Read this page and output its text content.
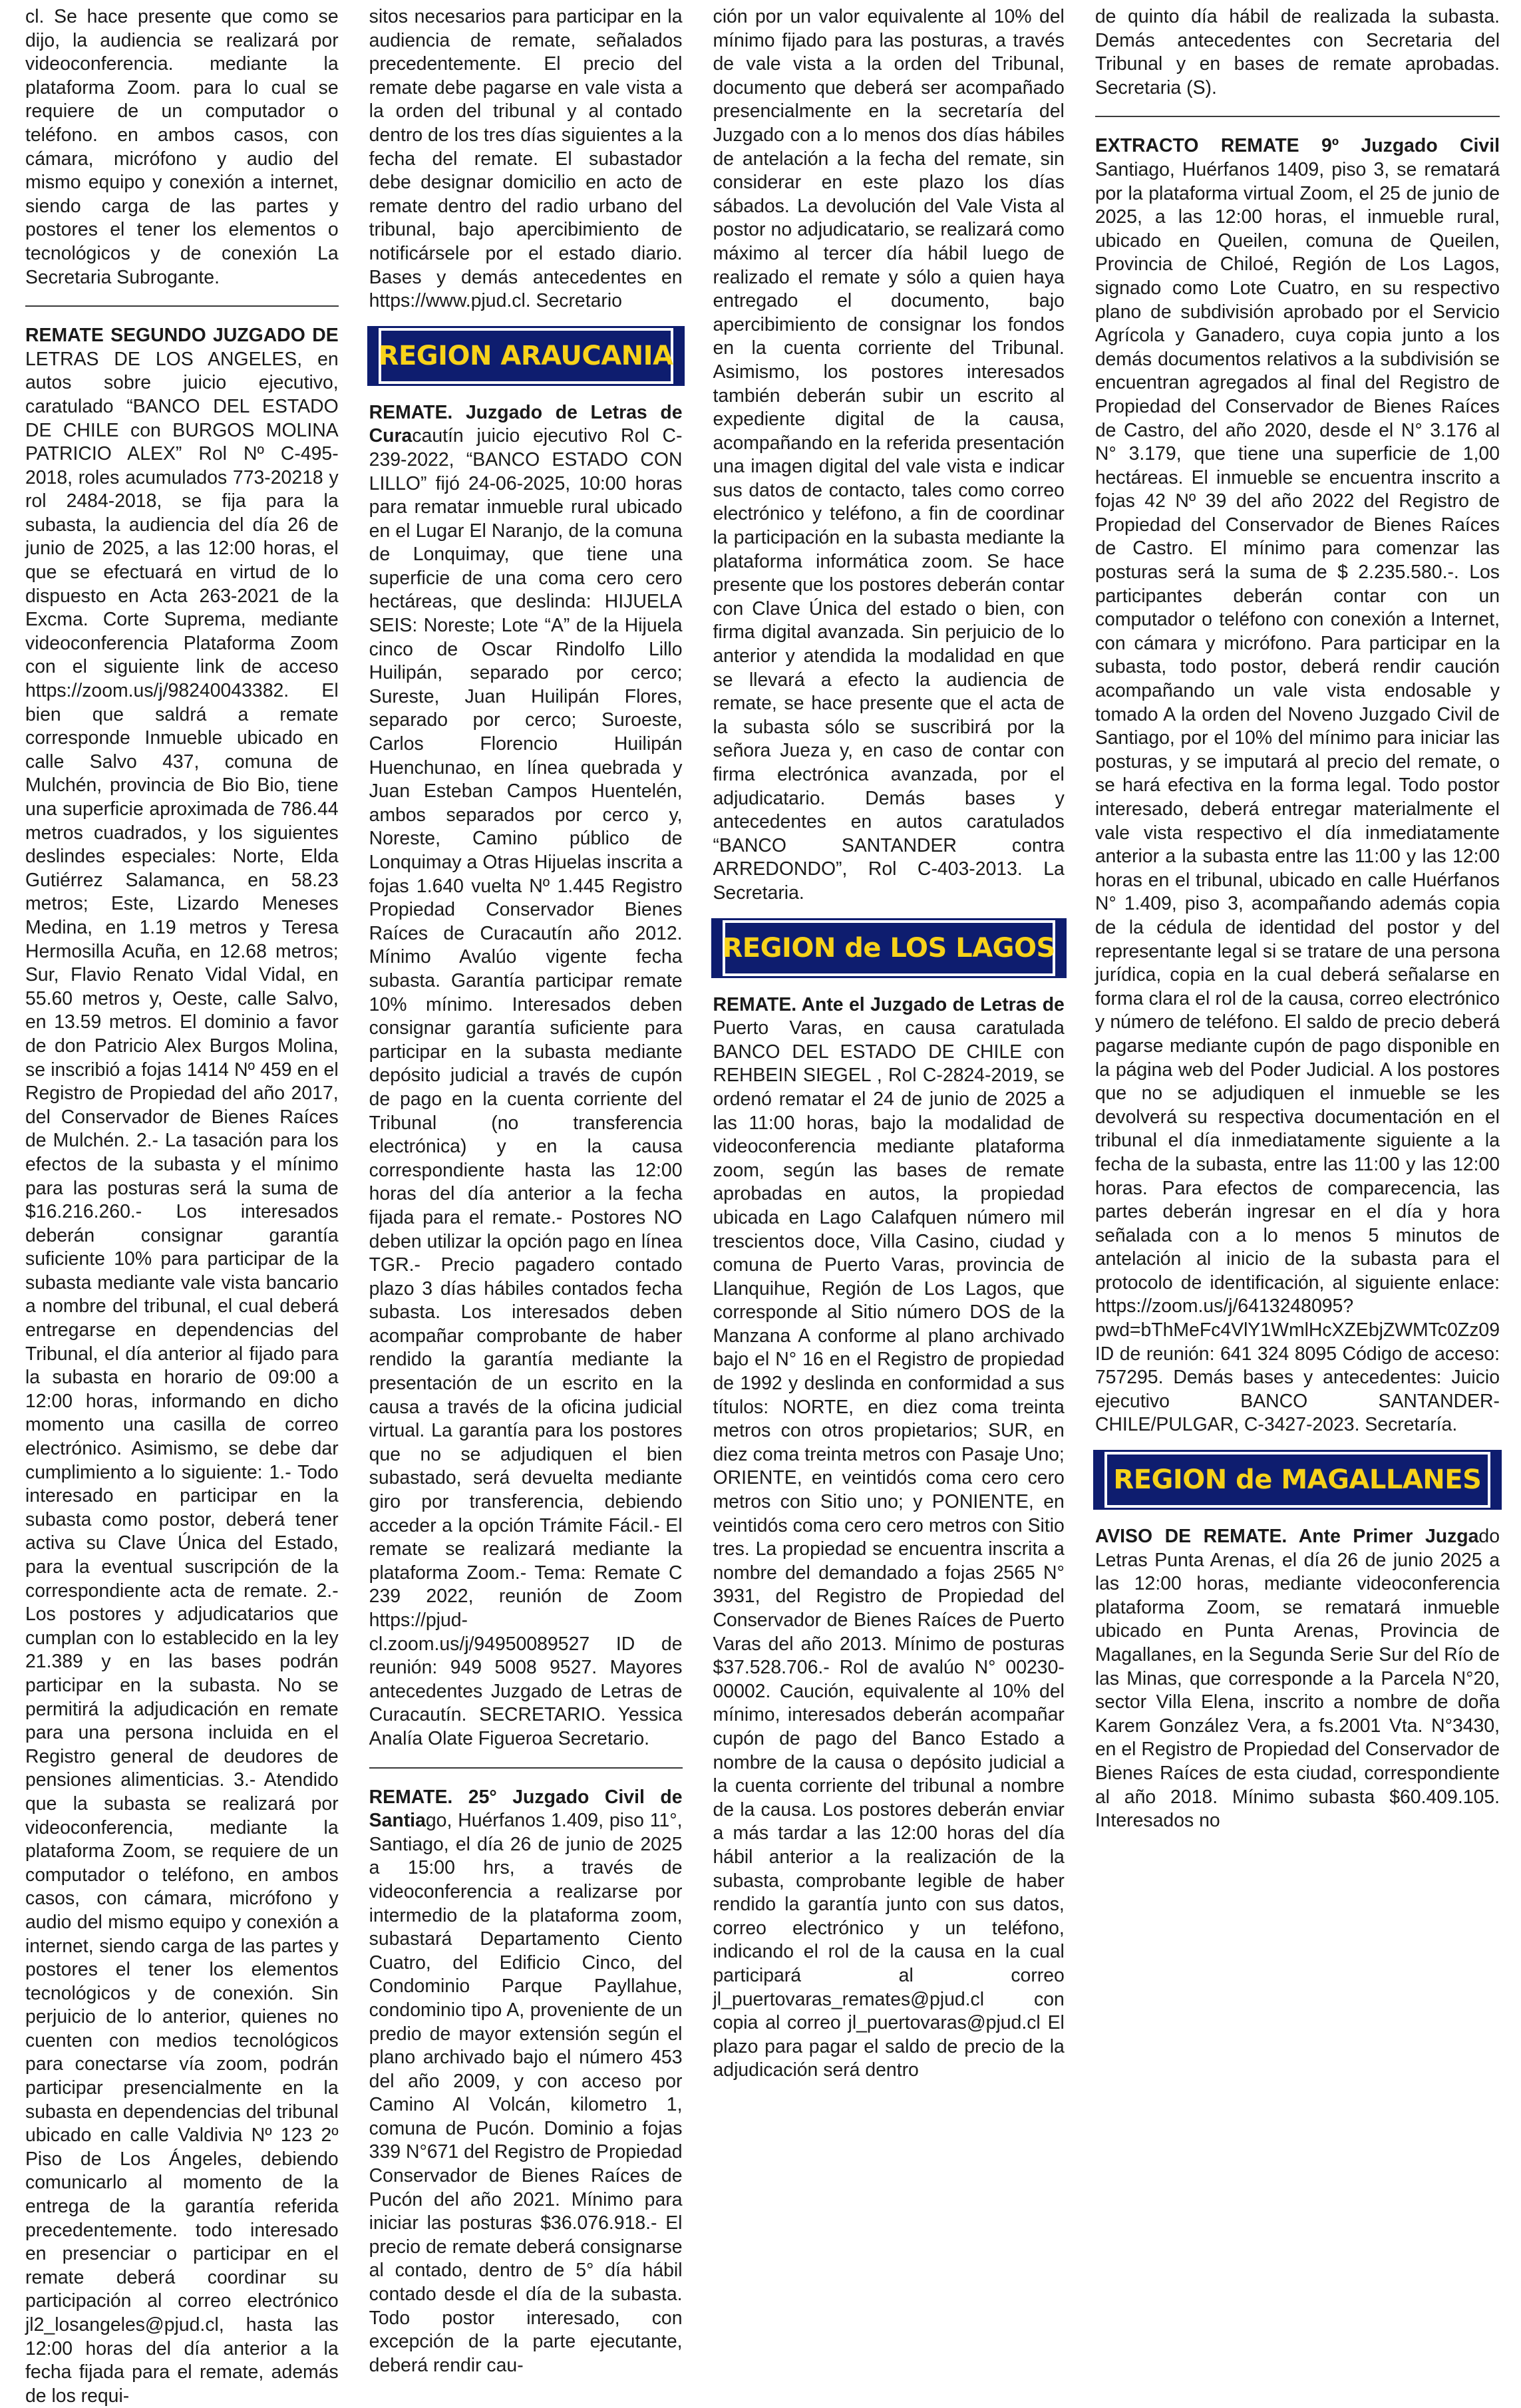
cl. Se hace presente que como se dijo, la audiencia se realizará por videoconferencia. mediante la plataforma Zoom. para lo cual se requiere de un computador o teléfono. en ambos casos, con cámara, micrófono y audio del mismo equipo y conexión a internet, siendo carga de las partes y postores el tener los elementos o tecnológicos y de conexión La Secretaria Subrogante.

REMATE SEGUNDO JUZGADO DE LETRAS DE LOS ANGELES, en autos sobre juicio ejecutivo, caratulado “BANCO DEL ESTADO DE CHILE con BURGOS MOLINA PATRICIO ALEX” Rol Nº C-495-2018, roles acumulados 773-20218 y rol 2484-2018, se fija para la subasta, la audiencia del día 26 de junio de 2025, a las 12:00 horas, el que se efectuará en virtud de lo dispuesto en Acta 263-2021 de la Excma. Corte Suprema, mediante videoconferencia Plataforma Zoom con el siguiente link de acceso https://zoom.us/j/98240043382. El bien que saldrá a remate corresponde Inmueble ubicado en calle Salvo 437, comuna de Mulchén, provincia de Bio Bio, tiene una superficie aproximada de 786.44 metros cuadrados, y los siguientes deslindes especiales: Norte, Elda Gutiérrez Salamanca, en 58.23 metros; Este, Lizardo Meneses Medina, en 1.19 metros y Teresa Hermosilla Acuña, en 12.68 metros; Sur, Flavio Renato Vidal Vidal, en 55.60 metros y, Oeste, calle Salvo, en 13.59 metros. El dominio a favor de don Patricio Alex Burgos Molina, se inscribió a fojas 1414 Nº 459 en el Registro de Propiedad del año 2017, del Conservador de Bienes Raíces de Mulchén. 2.- La tasación para los efectos de la subasta y el mínimo para las posturas será la suma de $16.216.260.- Los interesados deberán consignar garantía suficiente 10% para participar de la subasta mediante vale vista bancario a nombre del tribunal, el cual deberá entregarse en dependencias del Tribunal, el día anterior al fijado para la subasta en horario de 09:00 a 12:00 horas, informando en dicho momento una casilla de correo electrónico. Asimismo, se debe dar cumplimiento a lo siguiente: 1.- Todo interesado en participar en la subasta como postor, deberá tener activa su Clave Única del Estado, para la eventual suscripción de la correspondiente acta de remate. 2.- Los postores y adjudicatarios que cumplan con lo establecido en la ley 21.389 y en las bases podrán participar en la subasta. No se permitirá la adjudicación en remate para una persona incluida en el Registro general de deudores de pensiones alimenticias. 3.- Atendido que la subasta se realizará por videoconferencia, mediante la plataforma Zoom, se requiere de un computador o teléfono, en ambos casos, con cámara, micrófono y audio del mismo equipo y conexión a internet, siendo carga de las partes y postores el tener los elementos tecnológicos y de conexión. Sin perjuicio de lo anterior, quienes no cuenten con medios tecnológicos para conectarse vía zoom, podrán participar presencialmente en la subasta en dependencias del tribunal ubicado en calle Valdivia Nº 123 2º Piso de Los Ángeles, debiendo comunicarlo al momento de la entrega de la garantía referida precedentemente. todo interesado en presenciar o participar en el remate deberá coordinar su participación al correo electrónico jl2_losangeles@pjud.cl, hasta las 12:00 horas del día anterior a la fecha fijada para el remate, además de los requi-

sitos necesarios para participar en la audiencia de remate, señalados precedentemente. El precio del remate debe pagarse en vale vista a la orden del tribunal y al contado dentro de los tres días siguientes a la fecha del remate. El subastador debe designar domicilio en acto de remate dentro del radio urbano del tribunal, bajo apercibimiento de notificársele por el estado diario. Bases y demás antecedentes en https://www.pjud.cl. Secretario

REGION ARAUCANIA

REMATE. Juzgado de Letras de Curacautín juicio ejecutivo Rol C-239-2022, “BANCO ESTADO CON LILLO” fijó 24-06-2025, 10:00 horas para rematar inmueble rural ubicado en el Lugar El Naranjo, de la comuna de Lonquimay, que tiene una superficie de una coma cero cero hectáreas, que deslinda: HIJUELA SEIS: Noreste; Lote “A” de la Hijuela cinco de Oscar Rindolfo Lillo Huilipán, separado por cerco; Sureste, Juan Huilipán Flores, separado por cerco; Suroeste, Carlos Florencio Huilipán Huenchunao, en línea quebrada y Juan Esteban Campos Huentelén, ambos separados por cerco y, Noreste, Camino público de Lonquimay a Otras Hijuelas inscrita a fojas 1.640 vuelta Nº 1.445 Registro Propiedad Conservador Bienes Raíces de Curacautín año 2012. Mínimo Avalúo vigente fecha subasta. Garantía participar remate 10% mínimo. Interesados deben consignar garantía suficiente para participar en la subasta mediante depósito judicial a través de cupón de pago en la cuenta corriente del Tribunal (no transferencia electrónica) y en la causa correspondiente hasta las 12:00 horas del día anterior a la fecha fijada para el remate.- Postores NO deben utilizar la opción pago en línea TGR.- Precio pagadero contado plazo 3 días hábiles contados fecha subasta. Los interesados deben acompañar comprobante de haber rendido la garantía mediante la presentación de un escrito en la causa a través de la oficina judicial virtual. La garantía para los postores que no se adjudiquen el bien subastado, será devuelta mediante giro por transferencia, debiendo acceder a la opción Trámite Fácil.- El remate se realizará mediante la plataforma Zoom.- Tema: Remate C 239 2022, reunión de Zoom https://pjud-cl.zoom.us/j/94950089527 ID de reunión: 949 5008 9527. Mayores antecedentes Juzgado de Letras de Curacautín. SECRETARIO. Yessica Analía Olate Figueroa Secretario.

REMATE. 25° Juzgado Civil de Santiago, Huérfanos 1.409, piso 11°, Santiago, el día 26 de junio de 2025 a 15:00 hrs, a través de videoconferencia a realizarse por intermedio de la plataforma zoom, subastará Departamento Ciento Cuatro, del Edificio Cinco, del Condominio Parque Payllahue, condominio tipo A, proveniente de un predio de mayor extensión según el plano archivado bajo el número 453 del año 2009, y con acceso por Camino Al Volcán, kilometro 1, comuna de Pucón. Dominio a fojas 339 N°671 del Registro de Propiedad Conservador de Bienes Raíces de Pucón del año 2021. Mínimo para iniciar las posturas $36.076.918.- El precio de remate deberá consignarse al contado, dentro de 5° día hábil contado desde el día de la subasta. Todo postor interesado, con excepción de la parte ejecutante, deberá rendir cau-

ción por un valor equivalente al 10% del mínimo fijado para las posturas, a través de vale vista a la orden del Tribunal, documento que deberá ser acompañado presencialmente en la secretaría del Juzgado con a lo menos dos días hábiles de antelación a la fecha del remate, sin considerar en este plazo los días sábados. La devolución del Vale Vista al postor no adjudicatario, se realizará como máximo al tercer día hábil luego de realizado el remate y sólo a quien haya entregado el documento, bajo apercibimiento de consignar los fondos en la cuenta corriente del Tribunal. Asimismo, los postores interesados también deberán subir un escrito al expediente digital de la causa, acompañando en la referida presentación una imagen digital del vale vista e indicar sus datos de contacto, tales como correo electrónico y teléfono, a fin de coordinar la participación en la subasta mediante la plataforma informática zoom. Se hace presente que los postores deberán contar con Clave Única del estado o bien, con firma digital avanzada. Sin perjuicio de lo anterior y atendida la modalidad en que se llevará a efecto la audiencia de remate, se hace presente que el acta de la subasta sólo se suscribirá por la señora Jueza y, en caso de contar con firma electrónica avanzada, por el adjudicatario. Demás bases y antecedentes en autos caratulados “BANCO SANTANDER contra ARREDONDO”, Rol C-403-2013. La Secretaria.

REGION de LOS LAGOS

REMATE. Ante el Juzgado de Letras de Puerto Varas, en causa caratulada BANCO DEL ESTADO DE CHILE con REHBEIN SIEGEL , Rol C-2824-2019, se ordenó rematar el 24 de junio de 2025 a las 11:00 horas, bajo la modalidad de videoconferencia mediante plataforma zoom, según las bases de remate aprobadas en autos, la propiedad ubicada en Lago Calafquen número mil trescientos doce, Villa Casino, ciudad y comuna de Puerto Varas, provincia de Llanquihue, Región de Los Lagos, que corresponde al Sitio número DOS de la Manzana A conforme al plano archivado bajo el N° 16 en el Registro de propiedad de 1992 y deslinda en conformidad a sus títulos: NORTE, en diez coma treinta metros con otros propietarios; SUR, en diez coma treinta metros con Pasaje Uno; ORIENTE, en veintidós coma cero cero metros con Sitio uno; y PONIENTE, en veintidós coma cero cero metros con Sitio tres. La propiedad se encuentra inscrita a nombre del demandado a fojas 2565 N° 3931, del Registro de Propiedad del Conservador de Bienes Raíces de Puerto Varas del año 2013. Mínimo de posturas $37.528.706.- Rol de avalúo N° 00230-00002. Caución, equivalente al 10% del mínimo, interesados deberán acompañar cupón de pago del Banco Estado a nombre de la causa o depósito judicial a la cuenta corriente del tribunal a nombre de la causa. Los postores deberán enviar a más tardar a las 12:00 horas del día hábil anterior a la realización de la subasta, comprobante legible de haber rendido la garantía junto con sus datos, correo electrónico y un teléfono, indicando el rol de la causa en la cual participará al correo jl_puertovaras_remates@pjud.cl con copia al correo jl_puertovaras@pjud.cl El plazo para pagar el saldo de precio de la adjudicación será dentro

de quinto día hábil de realizada la subasta. Demás antecedentes con Secretaria del Tribunal y en bases de remate aprobadas. Secretaria (S).

EXTRACTO REMATE 9º Juzgado Civil Santiago, Huérfanos 1409, piso 3, se rematará por la plataforma virtual Zoom, el 25 de junio de 2025, a las 12:00 horas, el inmueble rural, ubicado en Queilen, comuna de Queilen, Provincia de Chiloé, Región de Los Lagos, signado como Lote Cuatro, en su respectivo plano de subdivisión aprobado por el Servicio Agrícola y Ganadero, cuya copia junto a los demás documentos relativos a la subdivisión se encuentran agregados al final del Registro de Propiedad del Conservador de Bienes Raíces de Castro, del año 2020, desde el N° 3.176 al N° 3.179, que tiene una superficie de 1,00 hectáreas. El inmueble se encuentra inscrito a fojas 42 Nº 39 del año 2022 del Registro de Propiedad del Conservador de Bienes Raíces de Castro. El mínimo para comenzar las posturas será la suma de $ 2.235.580.-. Los participantes deberán contar con un computador o teléfono con conexión a Internet, con cámara y micrófono. Para participar en la subasta, todo postor, deberá rendir caución acompañando un vale vista endosable y tomado A la orden del Noveno Juzgado Civil de Santiago, por el 10% del mínimo para iniciar las posturas, y se imputará al precio del remate, o se hará efectiva en la forma legal. Todo postor interesado, deberá entregar materialmente el vale vista respectivo el día inmediatamente anterior a la subasta entre las 11:00 y las 12:00 horas en el tribunal, ubicado en calle Huérfanos N° 1.409, piso 3, acompañando además copia de la cédula de identidad del postor y del representante legal si se tratare de una persona jurídica, copia en la cual deberá señalarse en forma clara el rol de la causa, correo electrónico y número de teléfono. El saldo de precio deberá pagarse mediante cupón de pago disponible en la página web del Poder Judicial. A los postores que no se adjudiquen el inmueble se les devolverá su respectiva documentación en el tribunal el día inmediatamente siguiente a la fecha de la subasta, entre las 11:00 y las 12:00 horas. Para efectos de comparecencia, las partes deberán ingresar en el día y hora señalada con a lo menos 5 minutos de antelación al inicio de la subasta para el protocolo de identificación, al siguiente enlace: https://zoom.us/j/6413248095?pwd=bThMeFc4VlY1WmlHcXZEbjZWMTc0Zz09 ID de reunión: 641 324 8095 Código de acceso: 757295. Demás bases y antecedentes: Juicio ejecutivo BANCO SANTANDER- CHILE/PULGAR, C-3427-2023. Secretaría.

REGION de MAGALLANES

AVISO DE REMATE. Ante Primer Juzgado Letras Punta Arenas, el día 26 de junio 2025 a las 12:00 horas, mediante videoconferencia plataforma Zoom, se rematará inmueble ubicado en Punta Arenas, Provincia de Magallanes, en la Segunda Serie Sur del Río de las Minas, que corresponde a la Parcela N°20, sector Villa Elena, inscrito a nombre de doña Karem González Vera, a fs.2001 Vta. N°3430, en el Registro de Propiedad del Conservador de Bienes Raíces de esta ciudad, correspondiente al año 2018. Mínimo subasta $60.409.105. Interesados no
